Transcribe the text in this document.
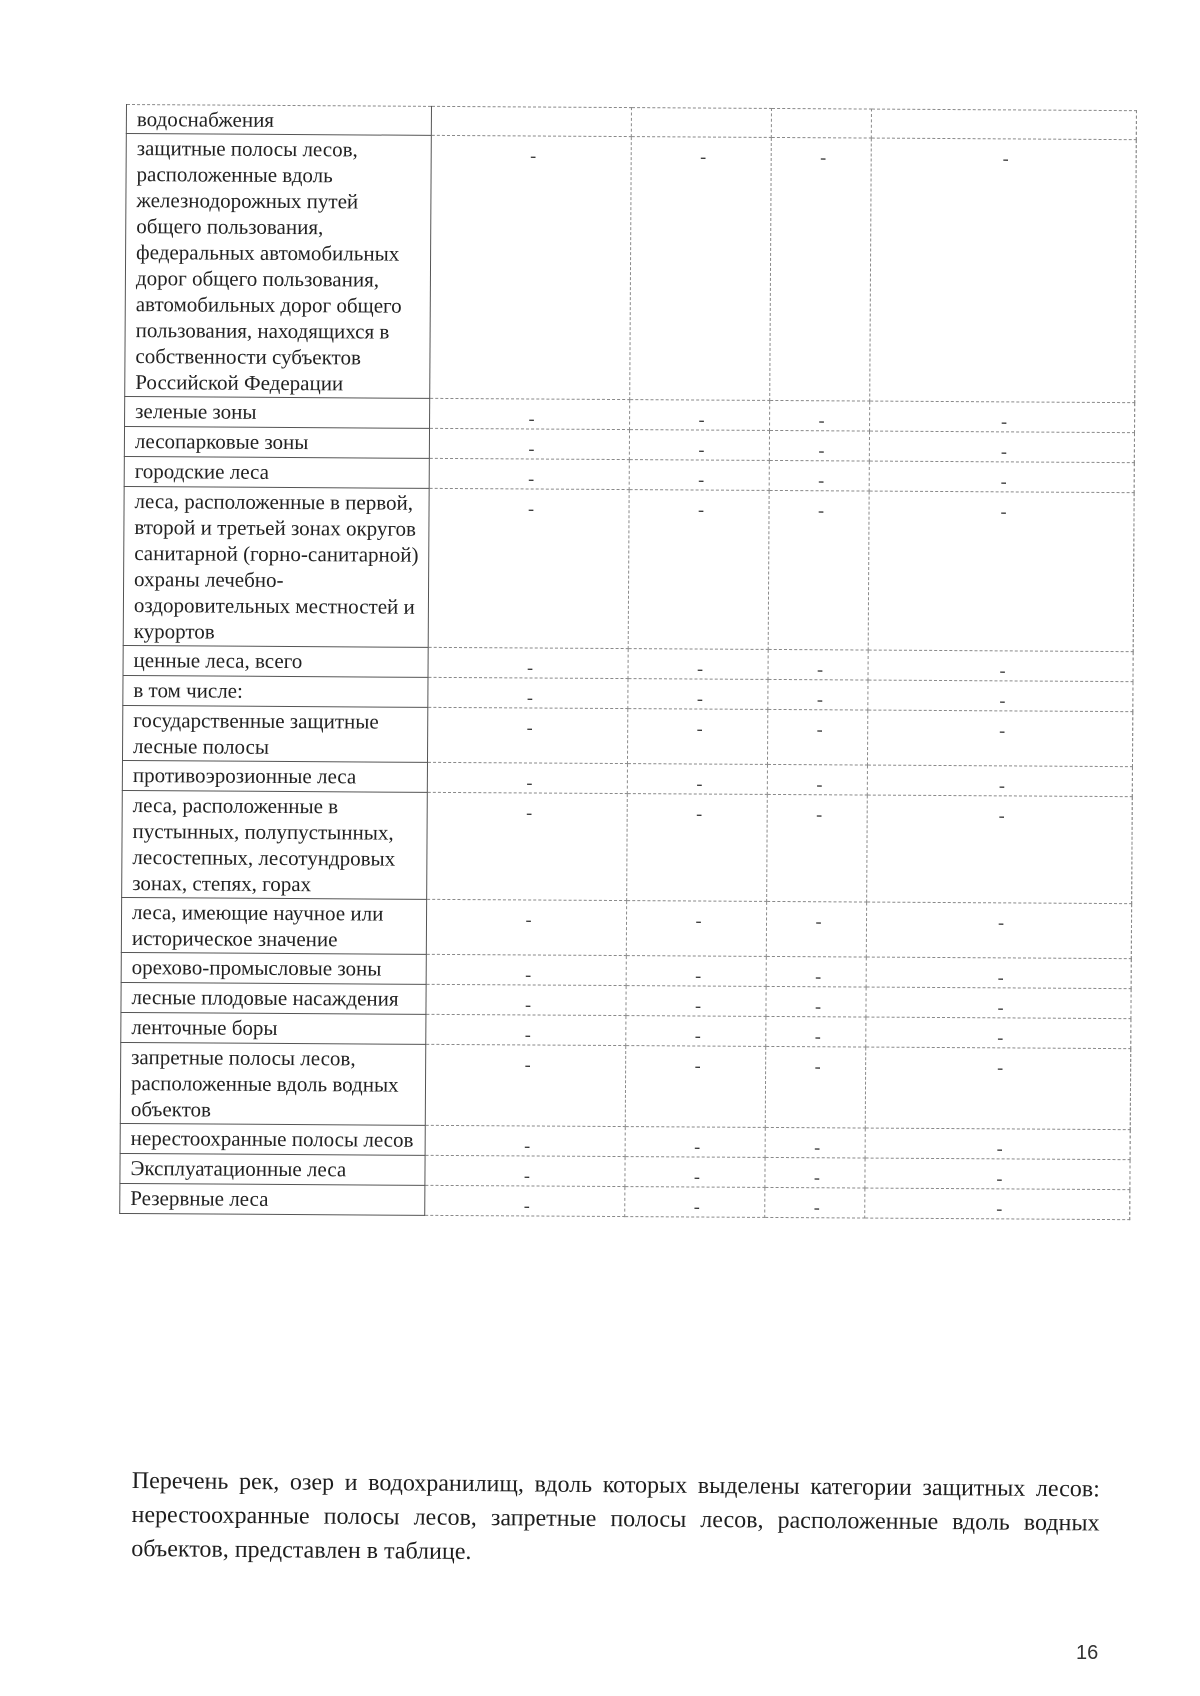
водоснабжения					
защитные полосы лесов, расположенные вдоль железнодорожных путей общего пользования, федеральных автомобильных дорог общего пользования, автомобильных дорог общего пользования, находящихся в собственности субъектов Российской Федерации	-	-	-	-	
зеленые зоны	-	-	-	-	
лесопарковые зоны	-	-	-	-	
городские леса	-	-	-	-	
леса, расположенные в первой, второй и третьей зонах округов санитарной (горно-санитарной) охраны лечебно-оздоровительных местностей и курортов	-	-	-	-	
ценные леса, всего	-	-	-	-	
в том числе:	-	-	-	-	
государственные защитные лесные полосы	-	-	-	-	
противоэрозионные леса	-	-	-	-	
леса, расположенные в пустынных, полупустынных, лесостепных, лесотундровых зонах, степях, горах	-	-	-	-	
леса, имеющие научное или историческое значение	-	-	-	-	
орехово-промысловые зоны	-	-	-	-	
лесные плодовые насаждения	-	-	-	-	
ленточные боры	-	-	-	-	
запретные полосы лесов, расположенные вдоль водных объектов	-	-	-	-	
нерестоохранные полосы лесов	-	-	-	-	
Эксплуатационные леса	-	-	-	-	
Резервные леса	-	-	-	-	

Перечень рек, озер и водохранилищ, вдоль которых выделены категории защитных лесов: нерестоохранные полосы лесов, запретные полосы лесов, расположенные вдоль водных объектов, представлен в таблице.

16
